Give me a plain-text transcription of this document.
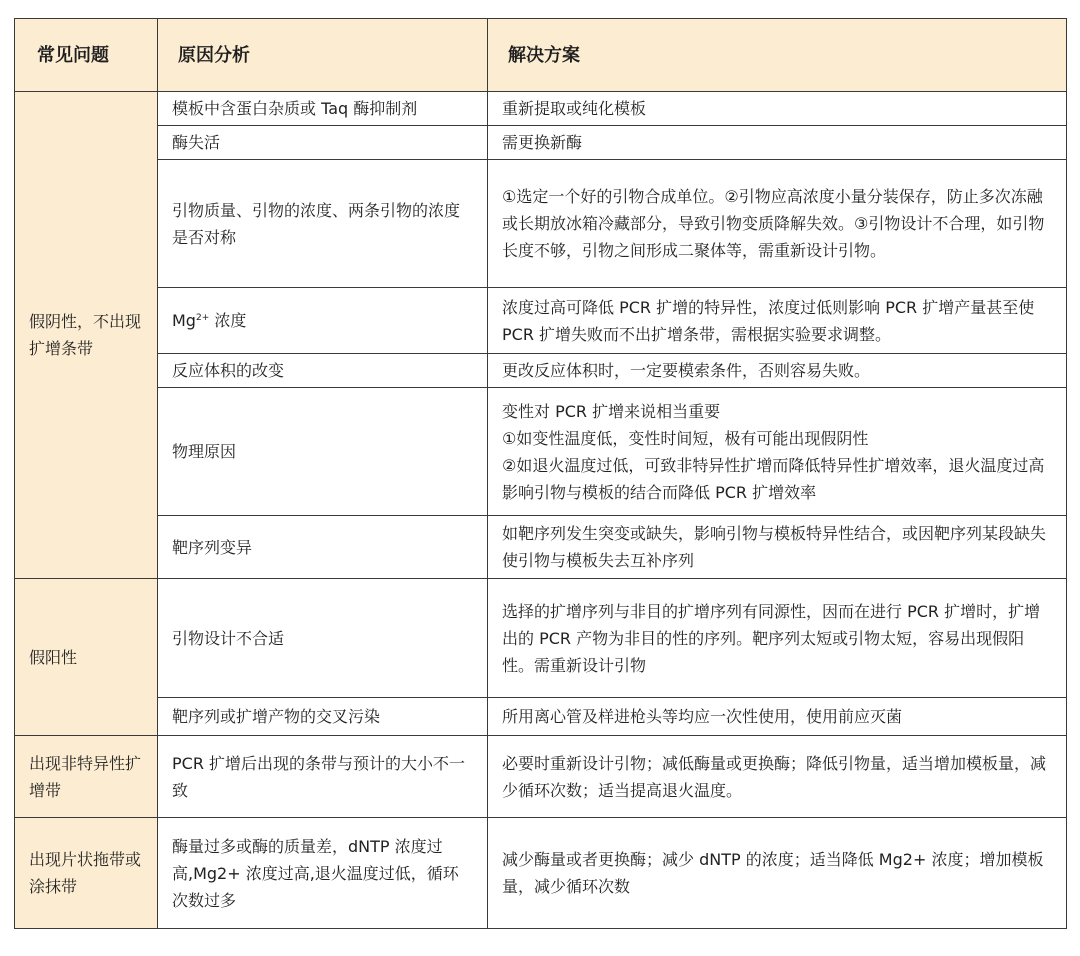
常见问题	原因分析	解决方案
假阴性，不出现扩增条带	模板中含蛋白杂质或 Taq 酶抑制剂	重新提取或纯化模板
	酶失活	需更换新酶
	引物质量、引物的浓度、两条引物的浓度是否对称	①选定一个好的引物合成单位。②引物应高浓度小量分装保存，防止多次冻融或长期放冰箱冷藏部分，导致引物变质降解失效。③引物设计不合理，如引物长度不够，引物之间形成二聚体等，需重新设计引物。
	$Mg^{2+}$ 浓度	浓度过高可降低 PCR 扩增的特异性，浓度过低则影响 PCR 扩增产量甚至使 PCR 扩增失败而不出扩增条带，需根据实验要求调整。
	反应体积的改变	更改反应体积时，一定要模索条件，否则容易失败。
	物理原因	变性对 PCR 扩增来说相当重要
①如变性温度低，变性时间短，极有可能出现假阴性
②如退火温度过低，可致非特异性扩增而降低特异性扩增效率，退火温度过高影响引物与模板的结合而降低 PCR 扩增效率

	靶序列变异	如靶序列发生突变或缺失，影响引物与模板特异性结合，或因靶序列某段缺失使引物与模板失去互补序列
假阳性	引物设计不合适	选择的扩增序列与非目的扩增序列有同源性，因而在进行 PCR 扩增时，扩增出的 PCR 产物为非目的性的序列。靶序列太短或引物太短，容易出现假阳性。需重新设计引物
	靶序列或扩增产物的交叉污染	所用离心管及样进枪头等均应一次性使用，使用前应灭菌
出现非特异性扩增带	PCR 扩增后出现的条带与预计的大小不一致	必要时重新设计引物；减低酶量或更换酶；降低引物量，适当增加模板量，减少循环次数；适当提高退火温度。
出现片状拖带或涂抹带	酶量过多或酶的质量差，dNTP 浓度过高,Mg2+ 浓度过高,退火温度过低，循环次数过多	减少酶量或者更换酶；减少 dNTP 的浓度；适当降低 Mg2+ 浓度；增加模板量，减少循环次数
